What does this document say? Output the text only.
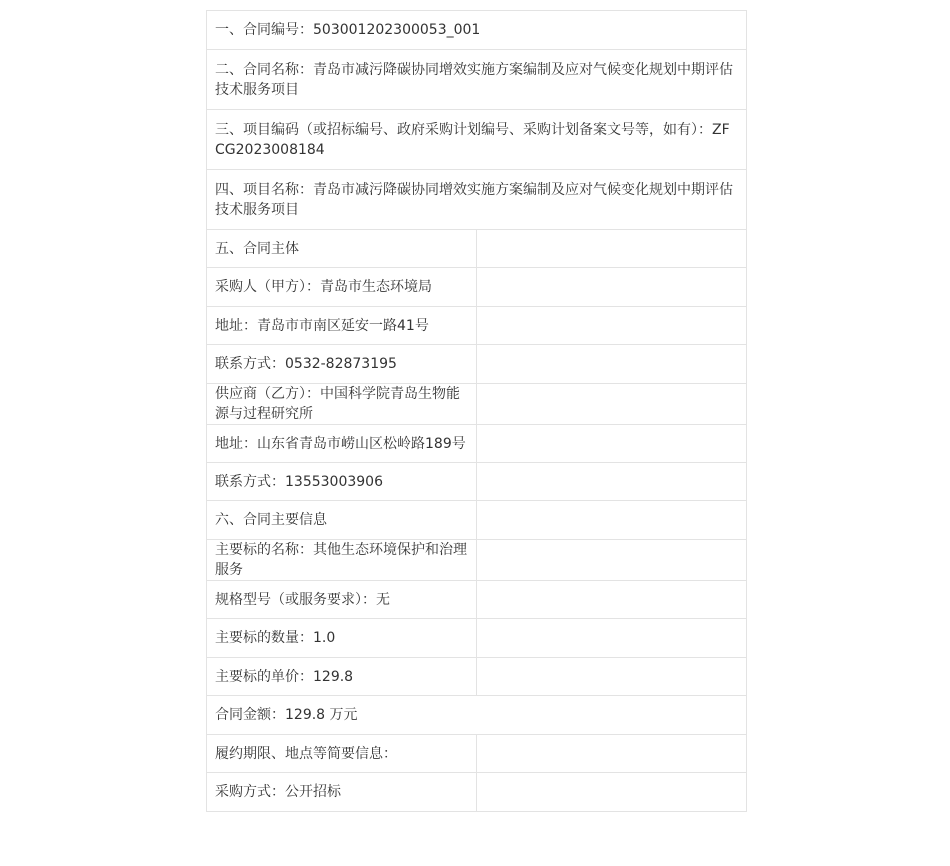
一、合同编号：503001202300053_001	
二、合同名称：青岛市减污降碳协同增效实施方案编制及应对气候变化规划中期评估技术服务项目	
三、项目编码（或招标编号、政府采购计划编号、采购计划备案文号等，如有）：ZFCG2023008184	
四、项目名称：青岛市减污降碳协同增效实施方案编制及应对气候变化规划中期评估技术服务项目	
五、合同主体	
采购人（甲方）：青岛市生态环境局	
地址：青岛市市南区延安一路41号	
联系方式：0532-82873195	
供应商（乙方）：中国科学院青岛生物能源与过程研究所	
地址：山东省青岛市崂山区松岭路189号	
联系方式：13553003906	
六、合同主要信息	
主要标的名称：其他生态环境保护和治理服务	
规格型号（或服务要求）：无	
主要标的数量：1.0	
主要标的单价：129.8	
合同金额：129.8 万元	
履约期限、地点等简要信息：	
采购方式：公开招标	
